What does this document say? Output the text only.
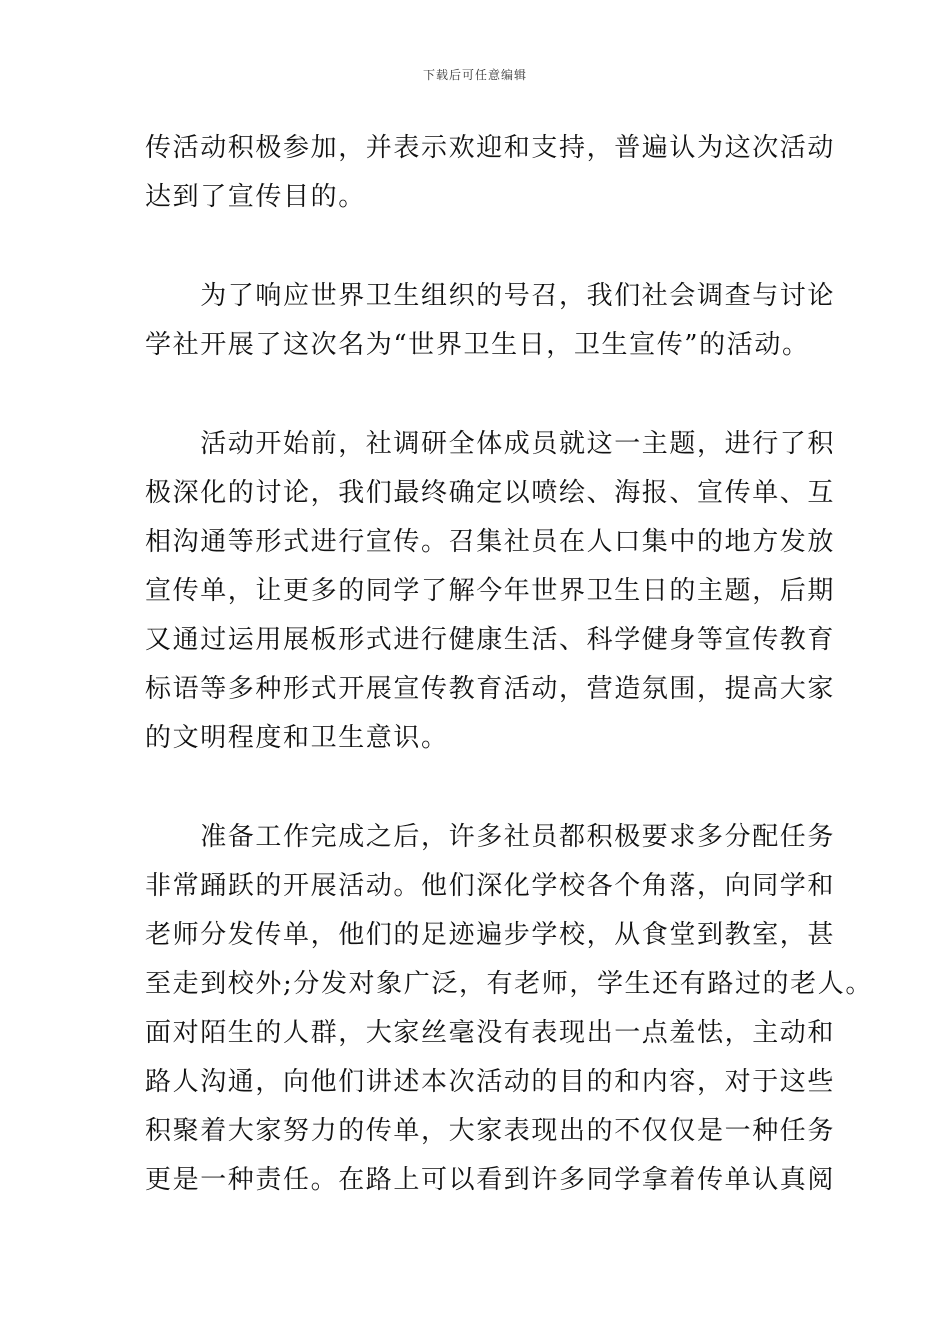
下载后可任意编辑
传活动积极参加，并表示欢迎和支持，普遍认为这次活动
达到了宣传目的。
　　为了响应世界卫生组织的号召，我们社会调查与讨论
学社开展了这次名为“世界卫生日，卫生宣传”的活动。
　　活动开始前，社调研全体成员就这一主题，进行了积
极深化的讨论，我们最终确定以喷绘、海报、宣传单、互
相沟通等形式进行宣传。召集社员在人口集中的地方发放
宣传单，让更多的同学了解今年世界卫生日的主题，后期
又通过运用展板形式进行健康生活、科学健身等宣传教育
标语等多种形式开展宣传教育活动，营造氛围，提高大家
的文明程度和卫生意识。
　　准备工作完成之后，许多社员都积极要求多分配任务
非常踊跃的开展活动。他们深化学校各个角落，向同学和
老师分发传单，他们的足迹遍步学校，从食堂到教室，甚
至走到校外;分发对象广泛，有老师，学生还有路过的老人。
面对陌生的人群，大家丝毫没有表现出一点羞怯，主动和
路人沟通，向他们讲述本次活动的目的和内容，对于这些
积聚着大家努力的传单，大家表现出的不仅仅是一种任务
更是一种责任。在路上可以看到许多同学拿着传单认真阅
